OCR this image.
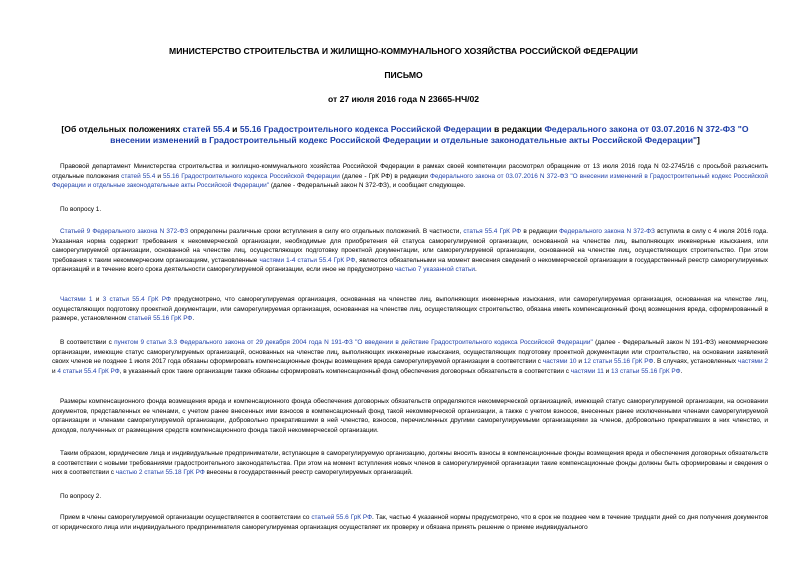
МИНИСТЕРСТВО СТРОИТЕЛЬСТВА И ЖИЛИЩНО-КОММУНАЛЬНОГО ХОЗЯЙСТВА РОССИЙСКОЙ ФЕДЕРАЦИИ
ПИСЬМО
от 27 июля 2016 года N 23665-НЧ/02
[Об отдельных положениях статей 55.4 и 55.16 Градостроительного кодекса Российской Федерации в редакции Федерального закона от 03.07.2016 N 372-ФЗ "О внесении изменений в Градостроительный кодекс Российской Федерации и отдельные законодательные акты Российской Федерации"]

Правовой департамент Министерства строительства и жилищно-коммунального хозяйства Российской Федерации в рамках своей компетенции рассмотрел обращение от 13 июля 2016 года N 02-2745/16 с просьбой разъяснить отдельные положения статей 55.4 и 55.16 Градостроительного кодекса Российской Федерации (далее - ГрК РФ) в редакции Федерального закона от 03.07.2016 N 372-ФЗ "О внесении изменений в Градостроительный кодекс Российской Федерации и отдельные законодательные акты Российской Федерации" (далее - Федеральный закон N 372-ФЗ), и сообщает следующее.

По вопросу 1.

Статьей 9 Федерального закона N 372-ФЗ определены различные сроки вступления в силу его отдельных положений. В частности, статья 55.4 ГрК РФ в редакции Федерального закона N 372-ФЗ вступила в силу с 4 июля 2016 года. Указанная норма содержит требования к некоммерческой организации, необходимые для приобретения ей статуса саморегулируемой организации, основанной на членстве лиц, выполняющих инженерные изыскания, или саморегулируемой организации, основанной на членстве лиц, осуществляющих подготовку проектной документации, или саморегулируемой организации, основанной на членстве лиц, осуществляющих строительство. При этом требования к таким некоммерческим организациям, установленные частями 1-4 статьи 55.4 ГрК РФ, являются обязательными на момент внесения сведений о некоммерческой организации в государственный реестр саморегулируемых организаций и в течение всего срока деятельности саморегулируемой организации, если иное не предусмотрено частью 7 указанной статьи.

Частями 1 и 3 статьи 55.4 ГрК РФ предусмотрено, что саморегулируемая организация, основанная на членстве лиц, выполняющих инженерные изыскания, или саморегулируемая организация, основанная на членстве лиц, осуществляющих подготовку проектной документации, или саморегулируемая организация, основанная на членстве лиц, осуществляющих строительство, обязана иметь компенсационный фонд возмещения вреда, сформированный в размере, установленном статьей 55.16 ГрК РФ.

В соответствии с пунктом 9 статьи 3.3 Федерального закона от 29 декабря 2004 года N 191-ФЗ "О введении в действие Градостроительного кодекса Российской Федерации" (далее - Федеральный закон N 191-ФЗ) некоммерческие организации, имеющие статус саморегулируемых организаций, основанных на членстве лиц, выполняющих инженерные изыскания, осуществляющих подготовку проектной документации или строительство, на основании заявлений своих членов не позднее 1 июля 2017 года обязаны сформировать компенсационные фонды возмещения вреда саморегулируемой организации в соответствии с частями 10 и 12 статьи 55.16 ГрК РФ. В случаях, установленных частями 2 и 4 статьи 55.4 ГрК РФ, в указанный срок такие организации также обязаны сформировать компенсационный фонд обеспечения договорных обязательств в соответствии с частями 11 и 13 статьи 55.16 ГрК РФ.

Размеры компенсационного фонда возмещения вреда и компенсационного фонда обеспечения договорных обязательств определяются некоммерческой организацией, имеющей статус саморегулируемой организации, на основании документов, представленных ее членами, с учетом ранее внесенных ими взносов в компенсационный фонд такой некоммерческой организации, а также с учетом взносов, внесенных ранее исключенными членами саморегулируемой организации и членами саморегулируемой организации, добровольно прекратившими в ней членство, взносов, перечисленных другими саморегулируемыми организациями за членов, добровольно прекративших в них членство, и доходов, полученных от размещения средств компенсационного фонда такой некоммерческой организации.

Таким образом, юридические лица и индивидуальные предприниматели, вступающие в саморегулируемую организацию, должны вносить взносы в компенсационные фонды возмещения вреда и обеспечения договорных обязательств в соответствии с новыми требованиями градостроительного законодательства. При этом на момент вступления новых членов в саморегулируемой организации такие компенсационные фонды должны быть сформированы и сведения о них в соответствии с частью 2 статьи 55.18 ГрК РФ внесены в государственный реестр саморегулируемых организаций.

По вопросу 2.

Прием в члены саморегулируемой организации осуществляется в соответствии со статьей 55.6 ГрК РФ. Так, частью 4 указанной нормы предусмотрено, что в срок не позднее чем в течение тридцати дней со дня получения документов от юридического лица или индивидуального предпринимателя саморегулируемая организация осуществляет их проверку и обязана принять решение о приеме индивидуального
